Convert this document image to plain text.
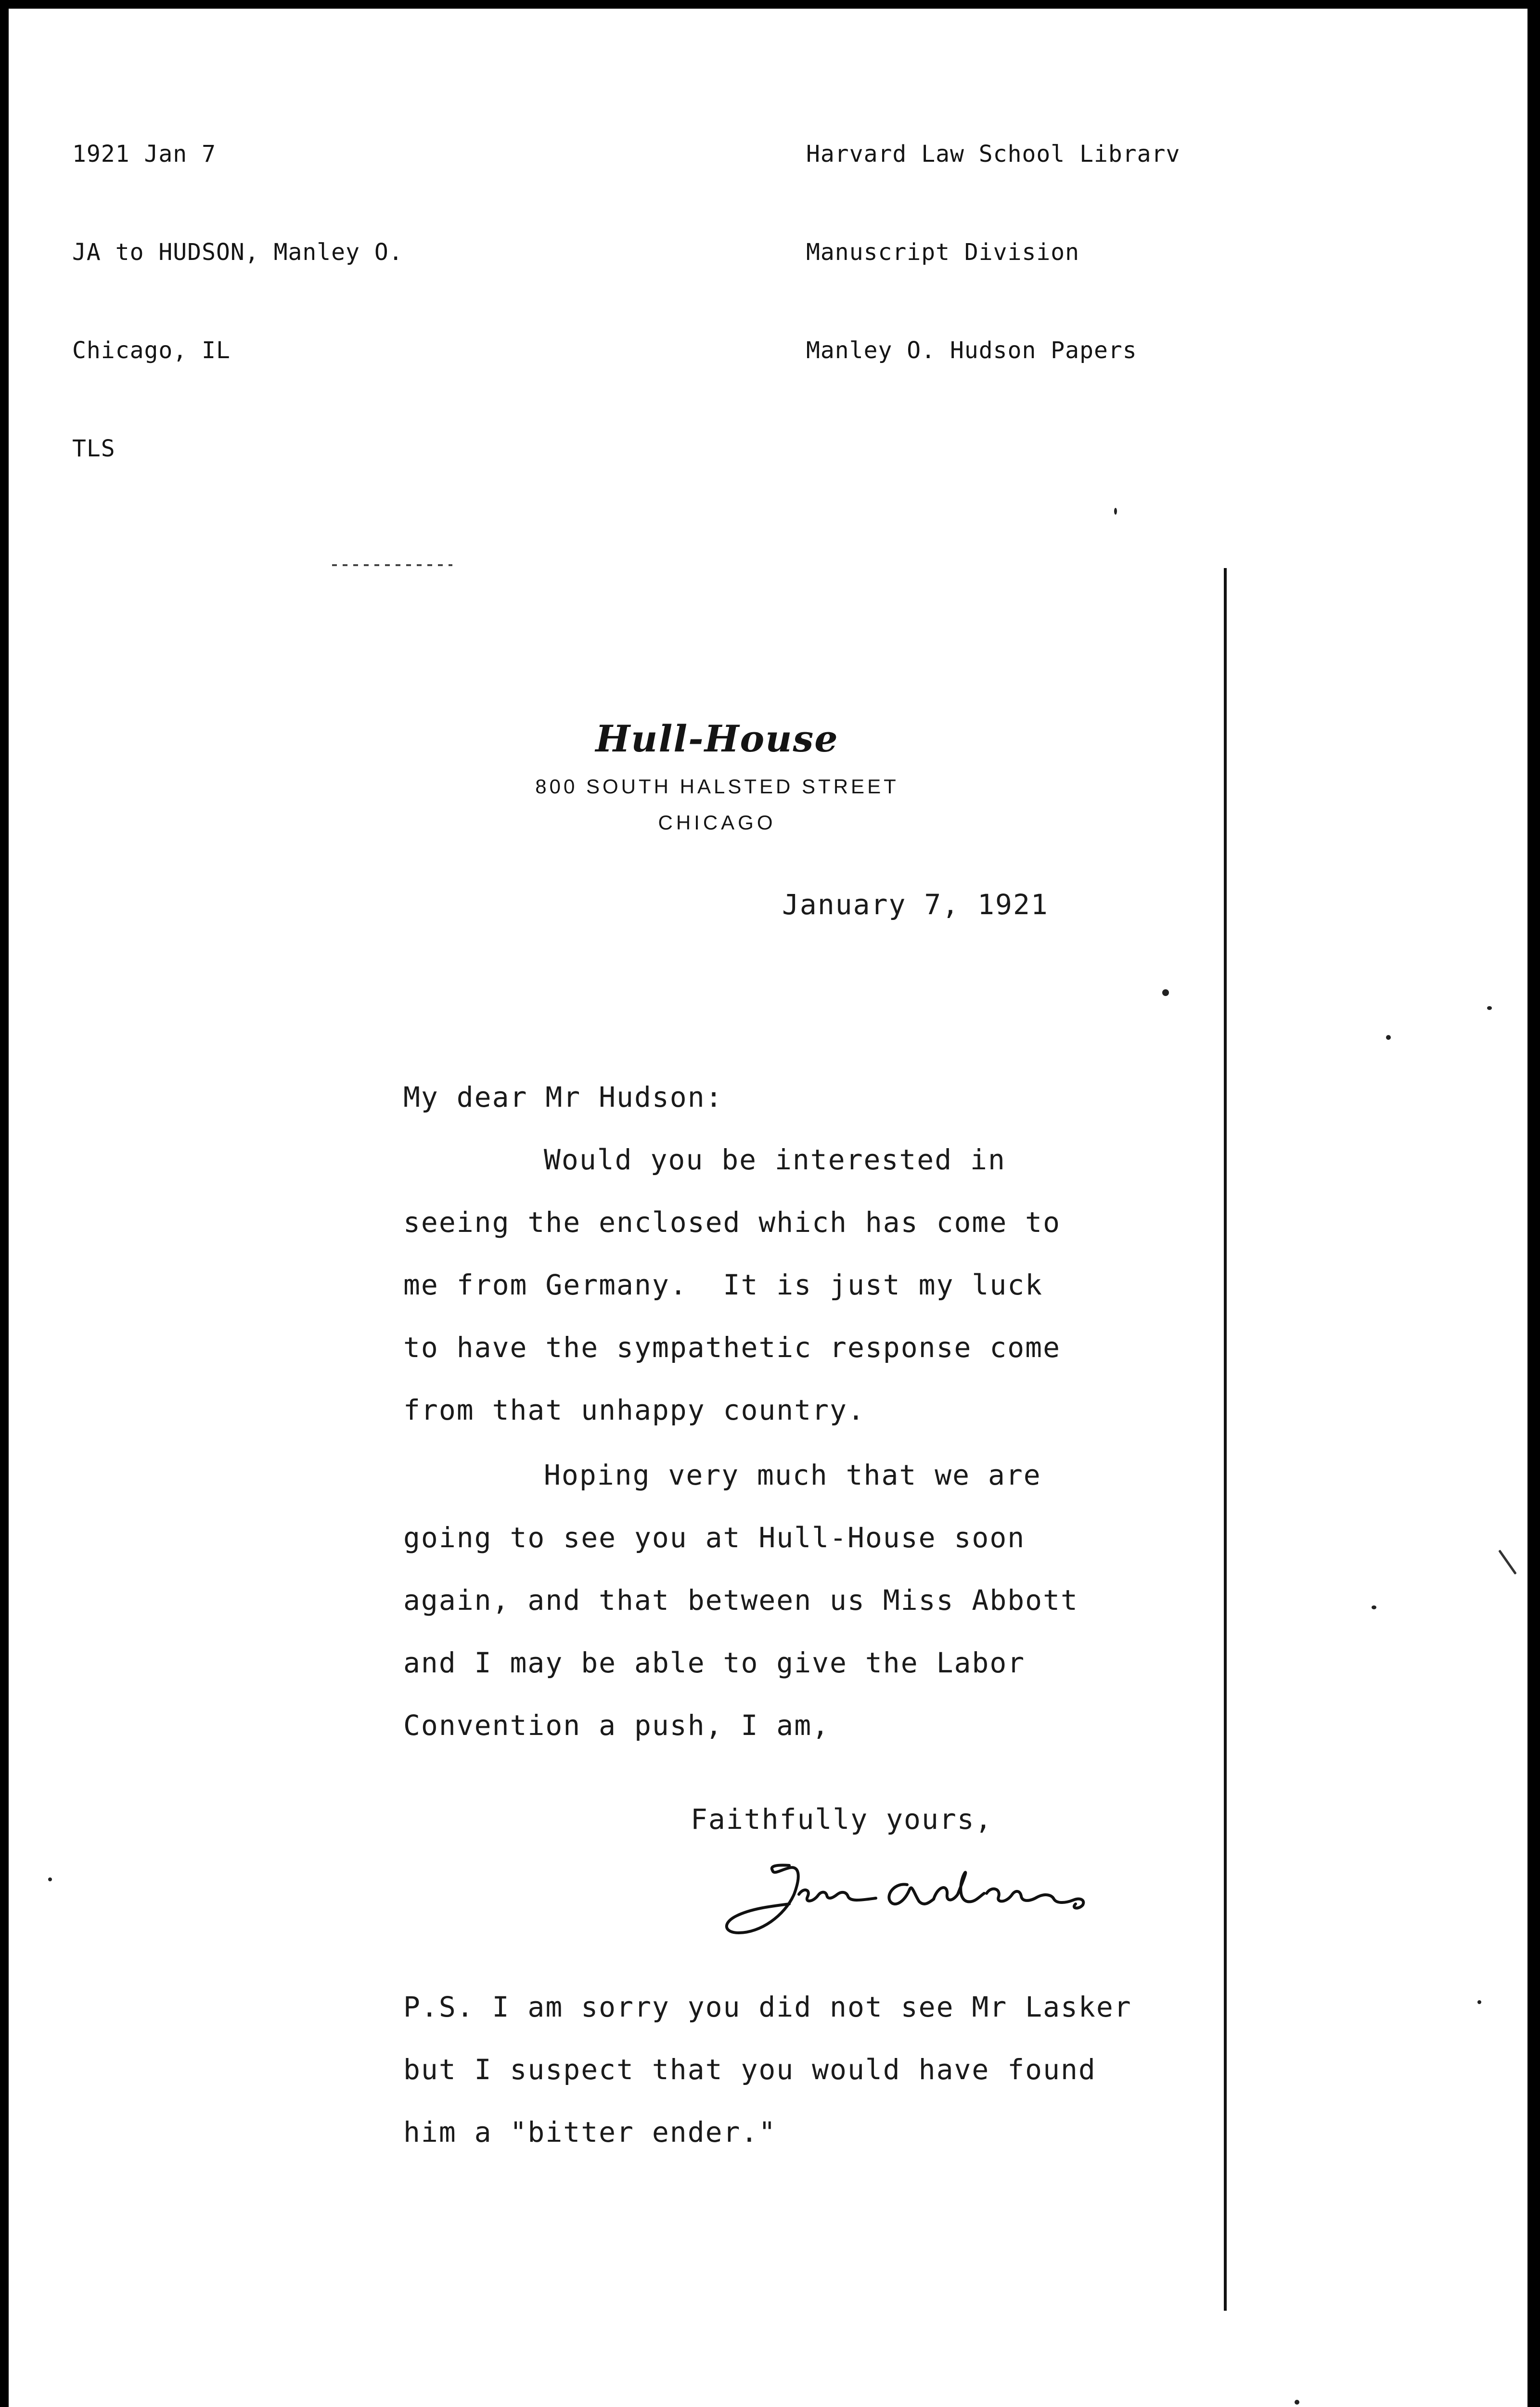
1921 Jan 7

JA to HUDSON, Manley O.

Chicago, IL

TLS

Harvard Law School Librarv

Manuscript Division

Manley O. Hudson Papers

Hull-House
800 SOUTH HALSTED STREET
CHICAGO
January 7, 1921
My dear Mr Hudson:
Would you be interested in
seeing the enclosed which has come to
me from Germany.  It is just my luck
to have the sympathetic response come
from that unhappy country.
Hoping very much that we are
going to see you at Hull-House soon
again, and that between us Miss Abbott
and I may be able to give the Labor
Convention a push, I am,
Faithfully yours,
P.S. I am sorry you did not see Mr Lasker
but I suspect that you would have found
him a "bitter ender."
